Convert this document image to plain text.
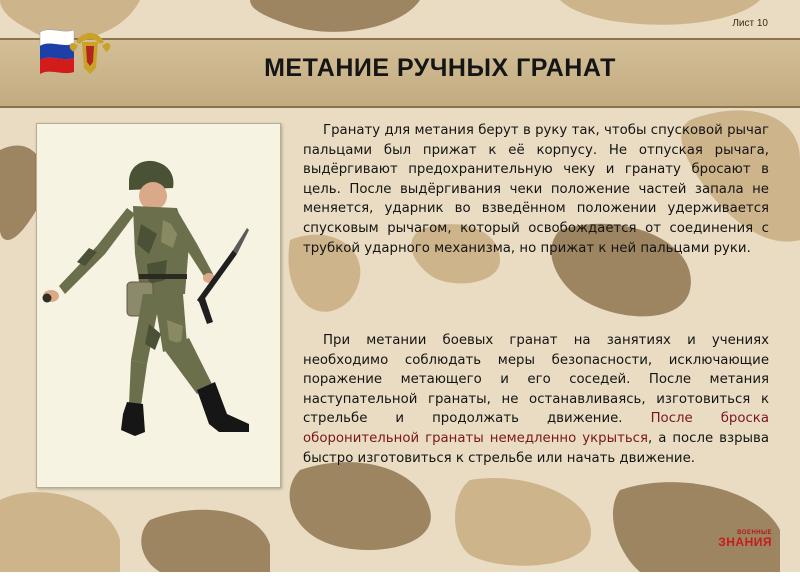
Лист 10
МЕТАНИЕ РУЧНЫХ ГРАНАТ

Гранату для метания берут в руку так, чтобы спусковой рычаг пальцами был прижат к её корпусу. Не отпуская рычага, выдёргивают предохранительную чеку и гранату бросают в цель. После выдёргивания чеки положение частей запала не меняется, ударник во взведённом положении удерживается спусковым рычагом, который освобождается от соединения с трубкой ударного механизма, но прижат к ней пальцами руки.

При метании боевых гранат на занятиях и учениях необходимо соблюдать меры безопасности, исключающие поражение метающего и его соседей. После метания наступательной гранаты, не останавливаясь, изготовиться к стрельбе и продолжать движение. После броска оборонительной гранаты немедленно укрыться, а после взрыва быстро изготовиться к стрельбе или начать движение.

ВОЕННЫЕ
ЗНАНИЯ
